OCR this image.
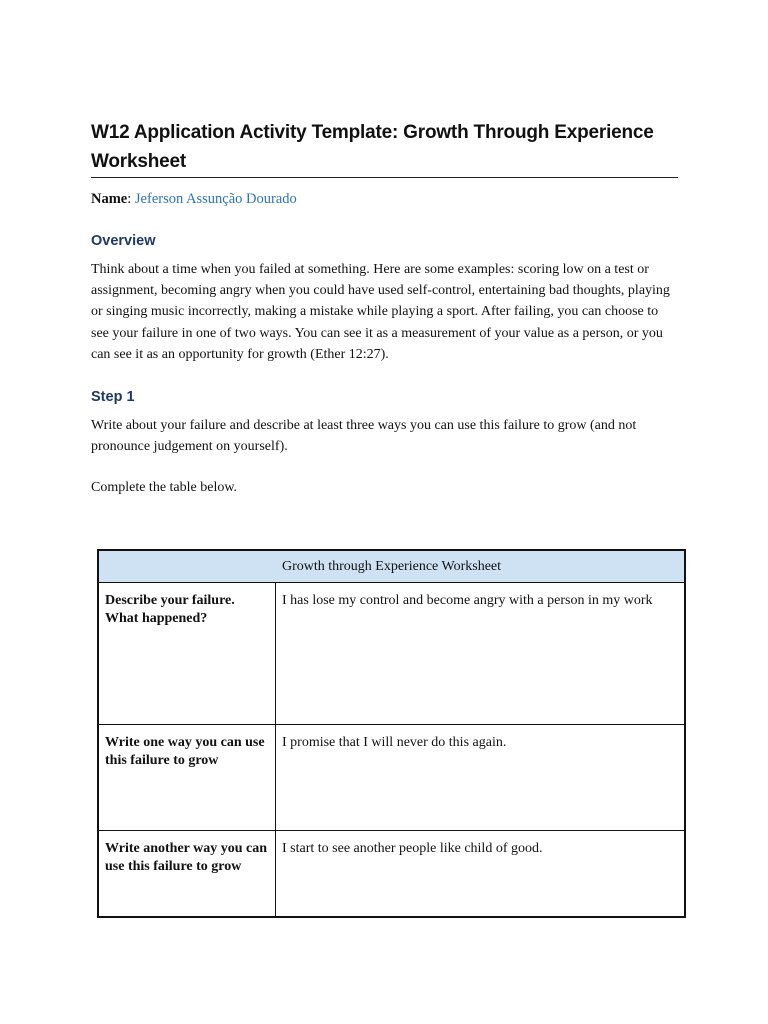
W12 Application Activity Template: Growth Through Experience Worksheet
Name: Jeferson Assunção Dourado
Overview

Think about a time when you failed at something. Here are some examples: scoring low on a test or assignment, becoming angry when you could have used self-control, entertaining bad thoughts, playing or singing music incorrectly, making a mistake while playing a sport. After failing, you can choose to see your failure in one of two ways. You can see it as a measurement of your value as a person, or you can see it as an opportunity for growth (Ether 12:27).

Step 1

Write about your failure and describe at least three ways you can use this failure to grow (and not pronounce judgement on yourself).

Complete the table below.

Growth through Experience Worksheet	
Describe your failure. What happened?	I has lose my control and become angry with a person in my work
Write one way you can use this failure to grow	I promise that I will never do this again.
Write another way you can use this failure to grow	I start to see another people like child of good.
